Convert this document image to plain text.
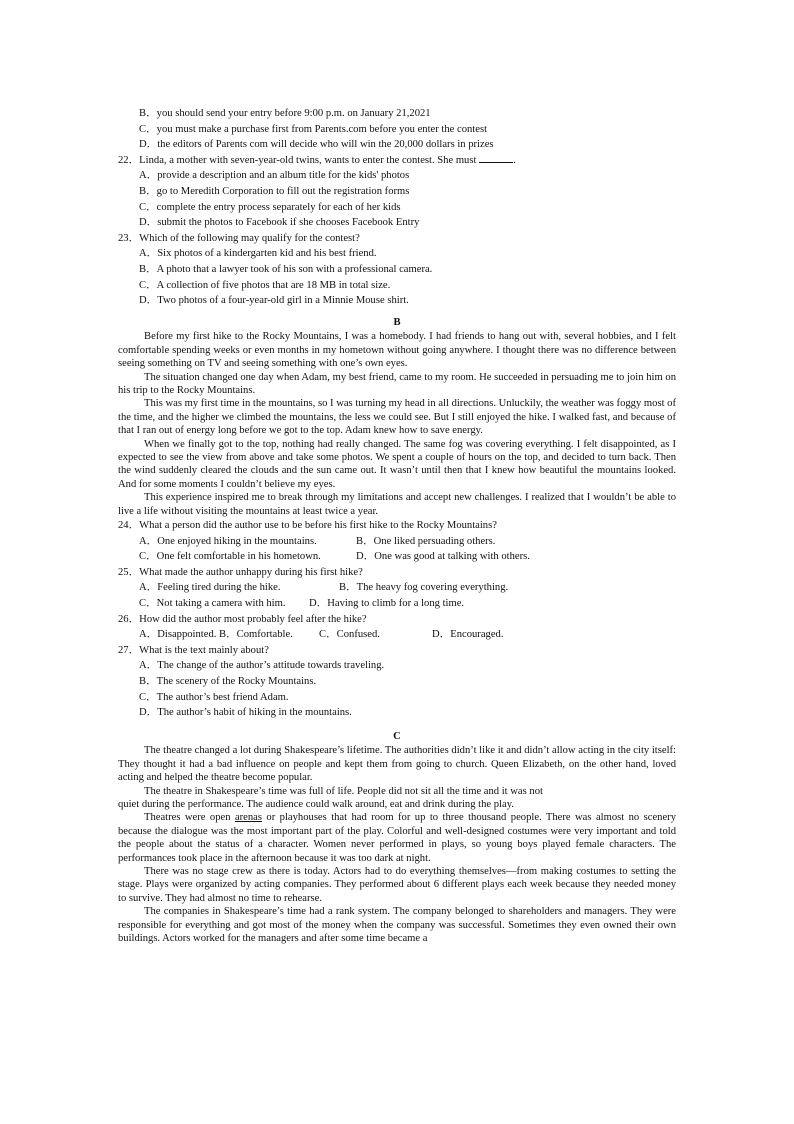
B．you should send your entry before 9:00 p.m. on January 21,2021
C．you must make a purchase first from Parents.com before you enter the contest
D．the editors of Parents com will decide who will win the 20,000 dollars in prizes
22．Linda, a mother with seven-year-old twins, wants to enter the contest. She must	.
A．provide a description and an album title for the kids' photos
B．go to Meredith Corporation to fill out the registration forms
C．complete the entry process separately for each of her kids
D．submit the photos to Facebook if she chooses Facebook Entry
23．Which of the following may qualify for the contest?
A．Six photos of a kindergarten kid and his best friend.
B．A photo that a lawyer took of his son with a professional camera.
C．A collection of five photos that are 18 MB in total size.
D．Two photos of a four-year-old girl in a Minnie Mouse shirt.
B
Before my first hike to the Rocky Mountains, I was a homebody. I had friends to hang out with, several hobbies, and I felt comfortable spending weeks or even months in my hometown without going anywhere. I thought there was no difference between seeing something on TV and seeing something with one’s own eyes.
The situation changed one day when Adam, my best friend, came to my room. He succeeded in persuading me to join him on his trip to the Rocky Mountains.
This was my first time in the mountains, so I was turning my head in all directions. Unluckily, the weather was foggy most of the time, and the higher we climbed the mountains, the less we could see. But I still enjoyed the hike. I walked fast, and because of that I ran out of energy long before we got to the top. Adam knew how to save energy.
When we finally got to the top, nothing had really changed. The same fog was covering everything. I felt disappointed, as I expected to see the view from above and take some photos. We spent a couple of hours on the top, and decided to turn back. Then the wind suddenly cleared the clouds and the sun came out. It wasn’t until then that I knew how beautiful the mountains looked. And for some moments I couldn’t believe my eyes.
This experience inspired me to break through my limitations and accept new challenges. I realized that I wouldn’t be able to live a life without visiting the mountains at least twice a year.
24．What a person did the author use to be before his first hike to the Rocky Mountains?
A．One enjoyed hiking in the mountains.	B．One liked persuading others.
C．One felt comfortable in his hometown.	D．One was good at talking with others.
25．What made the author unhappy during his first hike?
A．Feeling tired during the hike.	B．The heavy fog covering everything.
C．Not taking a camera with him. D．Having to climb for a long time.
26．How did the author most probably feel after the hike?
A．Disappointed. B．Comfortable. C．Confused.	D．Encouraged.
27．What is the text mainly about?
A．The change of the author’s attitude towards traveling.
B．The scenery of the Rocky Mountains.
C．The author’s best friend Adam.
D．The author’s habit of hiking in the mountains.
C
The theatre changed a lot during Shakespeare’s lifetime. The authorities didn’t like it and didn’t allow acting in the city itself: They thought it had a bad influence on people and kept them from going to church. Queen Elizabeth, on the other hand, loved acting and helped the theatre become popular.
The theatre in Shakespeare’s time was full of life. People did not sit all the time and it was not
quiet during the performance. The audience could walk around, eat and drink during the play.
Theatres were open arenas or playhouses that had room for up to three thousand people. There was almost no scenery because the dialogue was the most important part of the play. Colorful and well-designed costumes were very important and told the people about the status of a character. Women never performed in plays, so young boys played female characters. The performances took place in the afternoon because it was too dark at night.
There was no stage crew as there is today. Actors had to do everything themselves—from making costumes to setting the stage. Plays were organized by acting companies. They performed about 6 different plays each week because they needed money to survive. They had almost no time to rehearse.
The companies in Shakespeare’s time had a rank system. The company belonged to shareholders and managers. They were responsible for everything and got most of the money when the company was successful. Sometimes they even owned their own buildings. Actors worked for the managers and after some time became a
